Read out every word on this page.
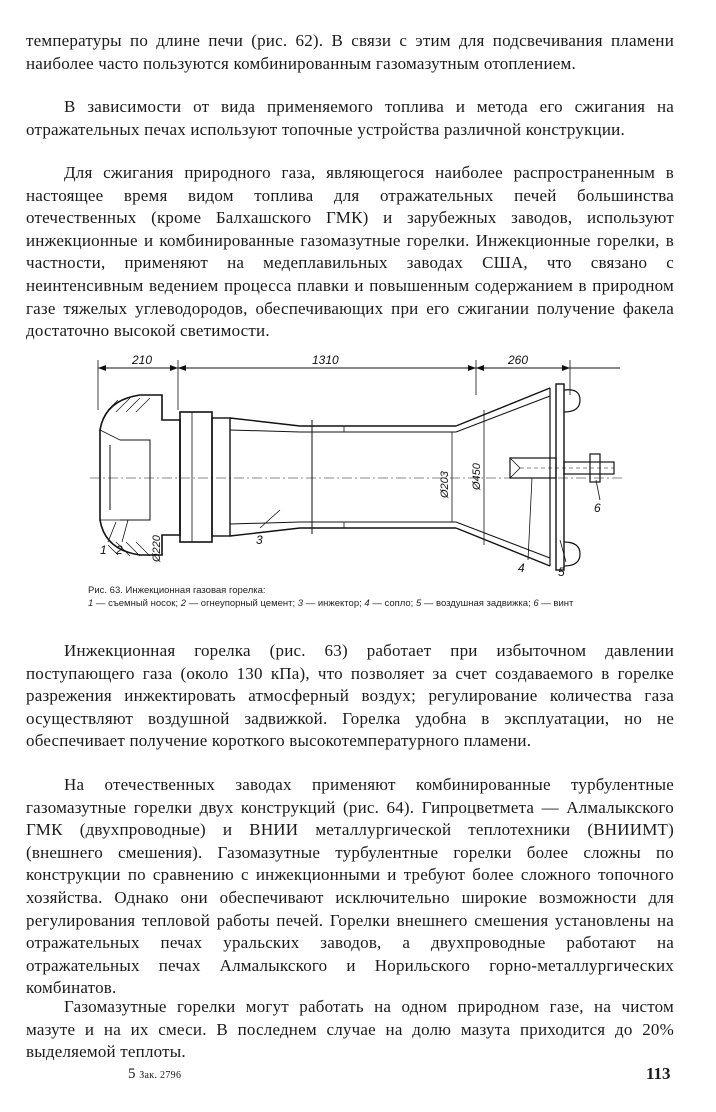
температуры по длине печи (рис. 62). В связи с этим для подсвечивания пламени наиболее часто пользуются комбинированным газомазутным отоплением.

В зависимости от вида применяемого топлива и метода его сжигания на отражательных печах используют топочные устройства различной конструкции.

Для сжигания природного газа, являющегося наиболее распространенным в настоящее время видом топлива для отражательных печей большинства отечественных (кроме Балхашского ГМК) и зарубежных заводов, используют инжекционные и комбинированные газомазутные горелки. Инжекционные горелки, в частности, применяют на медеплавильных заводах США, что связано с неинтенсивным ведением процесса плавки и повышенным содержанием в природном газе тяжелых углеводородов, обеспечивающих при его сжигании получение факела достаточно высокой светимости.

210	1310	260
Ø220
Ø203 Ø450
1 2
3
4	5
6
Рис. 63. Инжекционная газовая горелка:
1 — съемный носок; 2 — огнеупорный цемент; 3 — инжектор; 4 — сопло; 5 — воздушная задвижка; 6 — винт

Инжекционная горелка (рис. 63) работает при избыточном давлении поступающего газа (около 130 кПа), что позволяет за счет создаваемого в горелке разрежения инжектировать атмосферный воздух; регулирование количества газа осуществляют воздушной задвижкой. Горелка удобна в эксплуатации, но не обеспечивает получение короткого высокотемпературного пламени.

На отечественных заводах применяют комбинированные турбулентные газомазутные горелки двух конструкций (рис. 64). Гипроцветмета — Алмалыкского ГМК (двухпроводные) и ВНИИ металлургической теплотехники (ВНИИМТ) (внешнего смешения). Газомазутные турбулентные горелки более сложны по конструкции по сравнению с инжекционными и требуют более сложного топочного хозяйства. Однако они обеспечивают исключительно широкие возможности для регулирования тепловой работы печей. Горелки внешнего смешения установлены на отражательных печах уральских заводов, а двухпроводные работают на отражательных печах Алмалыкского и Норильского горно-металлургических комбинатов.

Газомазутные горелки могут работать на одном природном газе, на чистом мазуте и на их смеси. В последнем случае на долю мазута приходится до 20% выделяемой теплоты.

5 Зак. 2796	113
